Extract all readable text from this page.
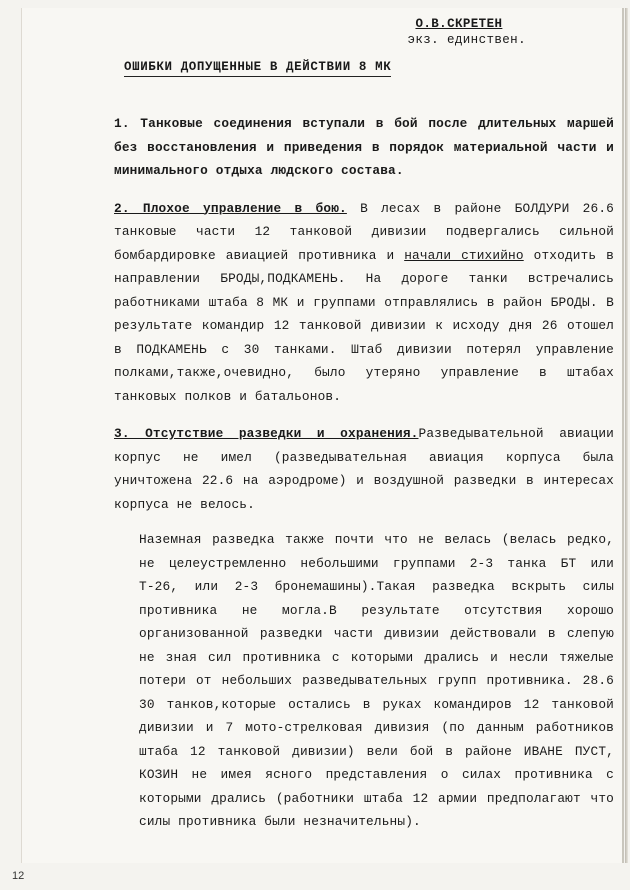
О.В.СКРЕТЕН
экз. единствен.
ОШИБКИ ДОПУЩЕННЫЕ В ДЕЙСТВИИ 8 МК

1. Танковые соединения вступали в бой после длительных маршей без восстановления и приведения в порядок материальной части и минимального отдыха людского состава.

2. Плохое управление в бою. В лесах в районе БОЛДУРИ 26.6 танковые части 12 танковой дивизии подвергались сильной бомбардировке авиацией противника и начали стихийно отходить в направлении БРОДЫ,ПОДКАМЕНЬ. На дороге танки встречались работниками штаба 8 МК и группами отправлялись в район БРОДЫ. В результате командир 12 танковой дивизии к исходу дня 26 отошел в ПОДКАМЕНЬ с 30 танками. Штаб дивизии потерял управление полками,также,очевидно, было утеряно управление в штабах танковых полков и батальонов.

3. Отсутствие разведки и охранения.Разведывательной авиации корпус не имел (разведывательная авиация корпуса была уничтожена 22.6 на аэродроме) и воздушной разведки в интересах корпуса не велось.

Наземная разведка также почти что не велась (велась редко, не целеустремленно небольшими группами 2-3 танка БТ или Т-26, или 2-3 бронемашины).Такая разведка вскрыть силы противника не могла.В результате отсутствия хорошо организованной разведки части дивизии действовали в слепую не зная сил противника с которыми дрались и несли тяжелые потери от небольших разведывательных групп противника. 28.6 30 танков,которые остались в руках командиров 12 танковой дивизии и 7 мото-стрелковая дивизия (по данным работников штаба 12 танковой дивизии) вели бой в районе ИВАНЕ ПУСТ, КОЗИН не имея ясного представления о силах противника с которыми дрались (работники штаба 12 армии предполагают что силы противника были незначительны).

12
